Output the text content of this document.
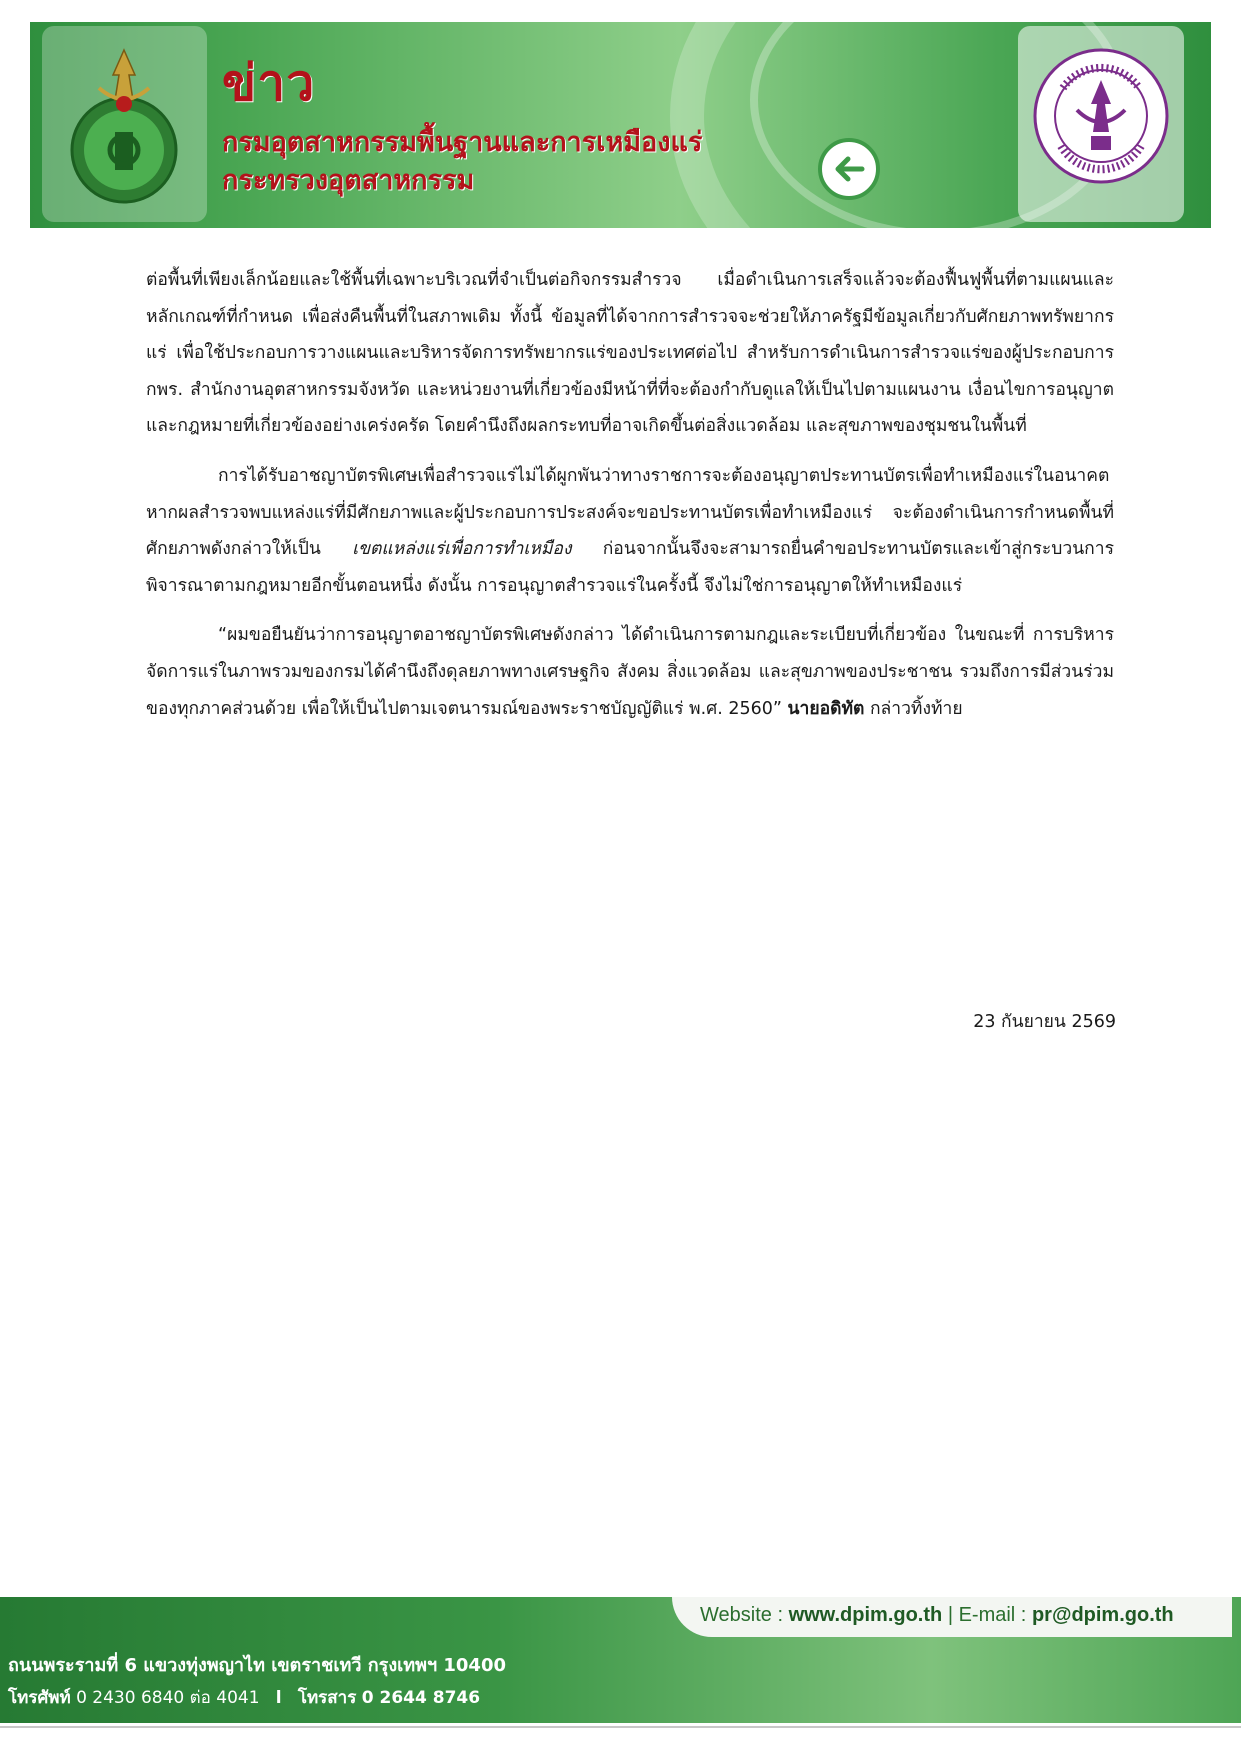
ข่าว
กรมอุตสาหกรรมพื้นฐานและการเหมืองแร่
กระทรวงอุตสาหกรรม

ต่อพื้นที่เพียงเล็กน้อยและใช้พื้นที่เฉพาะบริเวณที่จำเป็นต่อกิจกรรมสำรวจ เมื่อดำเนินการเสร็จแล้วจะต้องฟื้นฟูพื้นที่ตามแผนและหลักเกณฑ์ที่กำหนด เพื่อส่งคืนพื้นที่ในสภาพเดิม ทั้งนี้ ข้อมูลที่ได้จากการสำรวจจะช่วยให้ภาครัฐมีข้อมูลเกี่ยวกับศักยภาพทรัพยากรแร่ เพื่อใช้ประกอบการวางแผนและบริหารจัดการทรัพยากรแร่ของประเทศต่อไป สำหรับการดำเนินการสำรวจแร่ของผู้ประกอบการ กพร. สำนักงานอุตสาหกรรมจังหวัด และหน่วยงานที่เกี่ยวข้องมีหน้าที่ที่จะต้องกำกับดูแลให้เป็นไปตามแผนงาน เงื่อนไขการอนุญาต และกฎหมายที่เกี่ยวข้องอย่างเคร่งครัด โดยคำนึงถึงผลกระทบที่อาจเกิดขึ้นต่อสิ่งแวดล้อม และสุขภาพของชุมชนในพื้นที่

การได้รับอาชญาบัตรพิเศษเพื่อสำรวจแร่ไม่ได้ผูกพันว่าทางราชการจะต้องอนุญาตประทานบัตรเพื่อทำเหมืองแร่ในอนาคต หากผลสำรวจพบแหล่งแร่ที่มีศักยภาพและผู้ประกอบการประสงค์จะขอประทานบัตรเพื่อทำเหมืองแร่ จะต้องดำเนินการกำหนดพื้นที่ศักยภาพดังกล่าวให้เป็น เขตแหล่งแร่เพื่อการทำเหมือง ก่อนจากนั้นจึงจะสามารถยื่นคำขอประทานบัตรและเข้าสู่กระบวนการพิจารณาตามกฎหมายอีกขั้นตอนหนึ่ง ดังนั้น การอนุญาตสำรวจแร่ในครั้งนี้ จึงไม่ใช่การอนุญาตให้ทำเหมืองแร่

“ผมขอยืนยันว่าการอนุญาตอาชญาบัตรพิเศษดังกล่าว ได้ดำเนินการตามกฎและระเบียบที่เกี่ยวข้อง ในขณะที่ การบริหารจัดการแร่ในภาพรวมของกรมได้คำนึงถึงดุลยภาพทางเศรษฐกิจ สังคม สิ่งแวดล้อม และสุขภาพของประชาชน รวมถึงการมีส่วนร่วมของทุกภาคส่วนด้วย เพื่อให้เป็นไปตามเจตนารมณ์ของพระราชบัญญัติแร่ พ.ศ. 2560” นายอดิทัต กล่าวทิ้งท้าย

23 กันยายน 2569
Website : www.dpim.go.th | E-mail : pr@dpim.go.th
ถนนพระรามที่ 6 แขวงทุ่งพญาไท เขตราชเทวี กรุงเทพฯ 10400
โทรศัพท์ 0 2430 6840 ต่อ 4041 l โทรสาร 0 2644 8746
